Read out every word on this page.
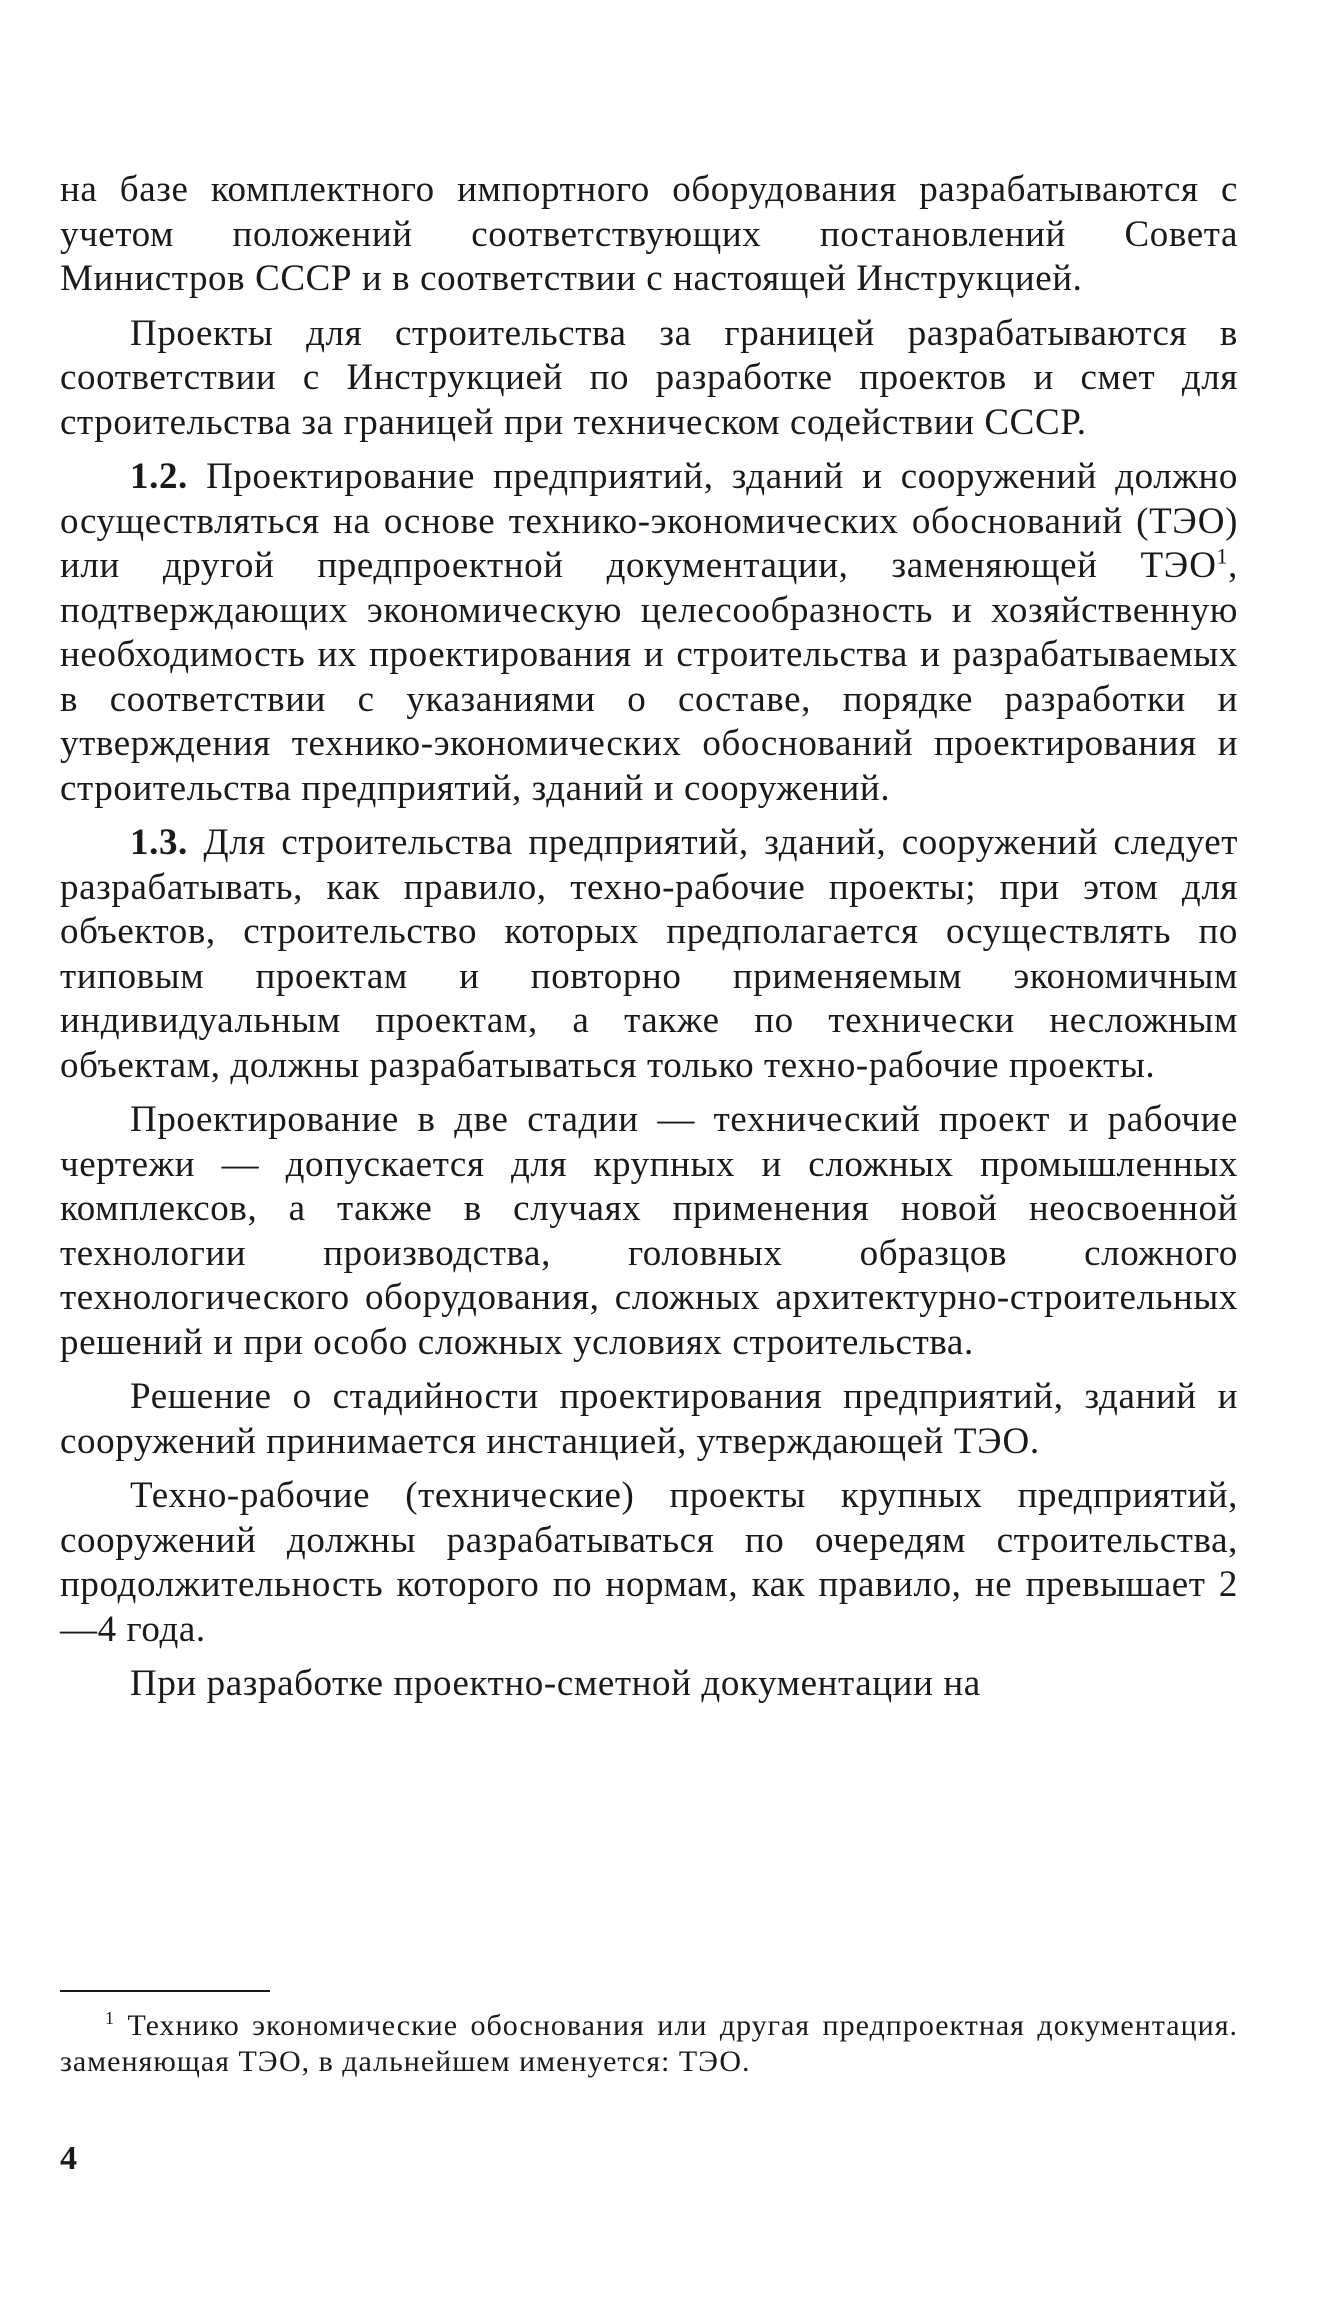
на базе комплектного импортного оборудования разрабатываются с учетом положений соответствующих постановлений Совета Министров СССР и в соответствии с настоящей Инструкцией.

Проекты для строительства за границей разрабатываются в соответствии с Инструкцией по разработке проектов и смет для строительства за границей при техническом содействии СССР.

1.2. Проектирование предприятий, зданий и сооружений должно осуществляться на основе технико-экономических обоснований (ТЭО) или другой предпроектной документации, заменяющей ТЭО$^1$, подтверждающих экономическую целесообразность и хозяйственную необходимость их проектирования и строительства и разрабатываемых в соответствии с указаниями о составе, порядке разработки и утверждения технико-экономических обоснований проектирования и строительства предприятий, зданий и сооружений.

1.3. Для строительства предприятий, зданий, сооружений следует разрабатывать, как правило, техно-рабочие проекты; при этом для объектов, строительство которых предполагается осуществлять по типовым проектам и повторно применяемым экономичным индивидуальным проектам, а также по технически несложным объектам, должны разрабатываться только техно-рабочие проекты.

Проектирование в две стадии — технический проект и рабочие чертежи — допускается для крупных и сложных промышленных комплексов, а также в случаях применения новой неосвоенной технологии производства, головных образцов сложного технологического оборудования, сложных архитектурно-строительных решений и при особо сложных условиях строительства.

Решение о стадийности проектирования предприятий, зданий и сооружений принимается инстанцией, утверждающей ТЭО.

Техно-рабочие (технические) проекты крупных предприятий, сооружений должны разрабатываться по очередям строительства, продолжительность которого по нормам, как правило, не превышает 2—4 года.

При разработке проектно-сметной документации на

$^1$ Технико экономические обоснования или другая предпроектная документация. заменяющая ТЭО, в дальнейшем именуется: ТЭО.
4
